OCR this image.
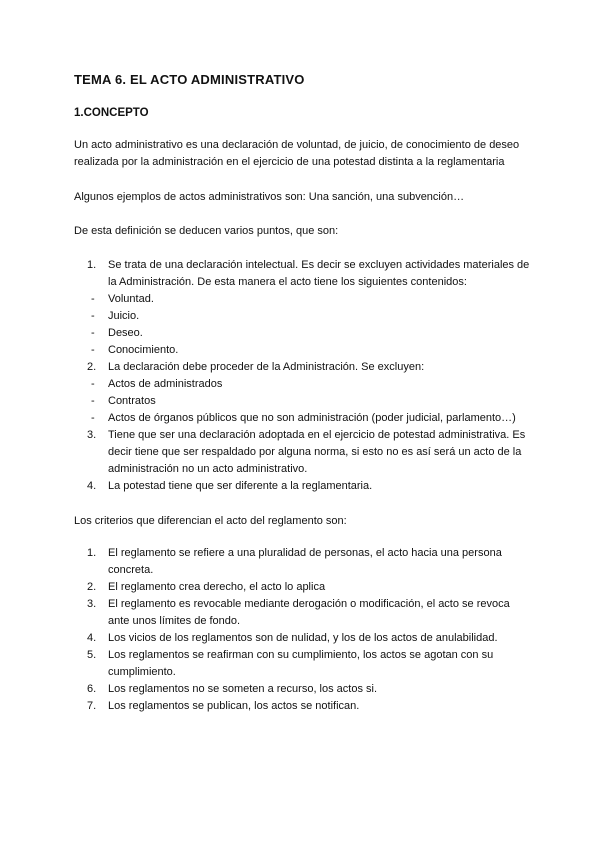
TEMA 6. EL ACTO ADMINISTRATIVO
1.CONCEPTO
Un acto administrativo es una declaración de voluntad, de juicio, de conocimiento de deseo realizada por la administración en el ejercicio de una potestad distinta a la reglamentaria
Algunos ejemplos de actos administrativos son: Una sanción, una subvención…
De esta definición se deducen varios puntos, que son:
1. Se trata de una declaración intelectual. Es decir se excluyen actividades materiales de la Administración. De esta manera el acto tiene los siguientes contenidos:
- Voluntad.
- Juicio.
- Deseo.
- Conocimiento.
2. La declaración debe proceder de la Administración. Se excluyen:
- Actos de administrados
- Contratos
- Actos de órganos públicos que no son administración (poder judicial, parlamento…)
3. Tiene que ser una declaración adoptada en el ejercicio de potestad administrativa. Es decir tiene que ser respaldado por alguna norma, si esto no es así será un acto de la administración no un acto administrativo.
4. La potestad tiene que ser diferente a la reglamentaria.
Los criterios que diferencian el acto del reglamento son:
1. El reglamento se refiere a una pluralidad de personas, el acto hacia una persona concreta.
2. El reglamento crea derecho, el acto lo aplica
3. El reglamento es revocable mediante derogación o modificación, el acto se revoca ante unos límites de fondo.
4. Los vicios de los reglamentos son de nulidad, y los de los actos de anulabilidad.
5. Los reglamentos se reafirman con su cumplimiento, los actos se agotan con su cumplimiento.
6. Los reglamentos no se someten a recurso, los actos si.
7. Los reglamentos se publican, los actos se notifican.
